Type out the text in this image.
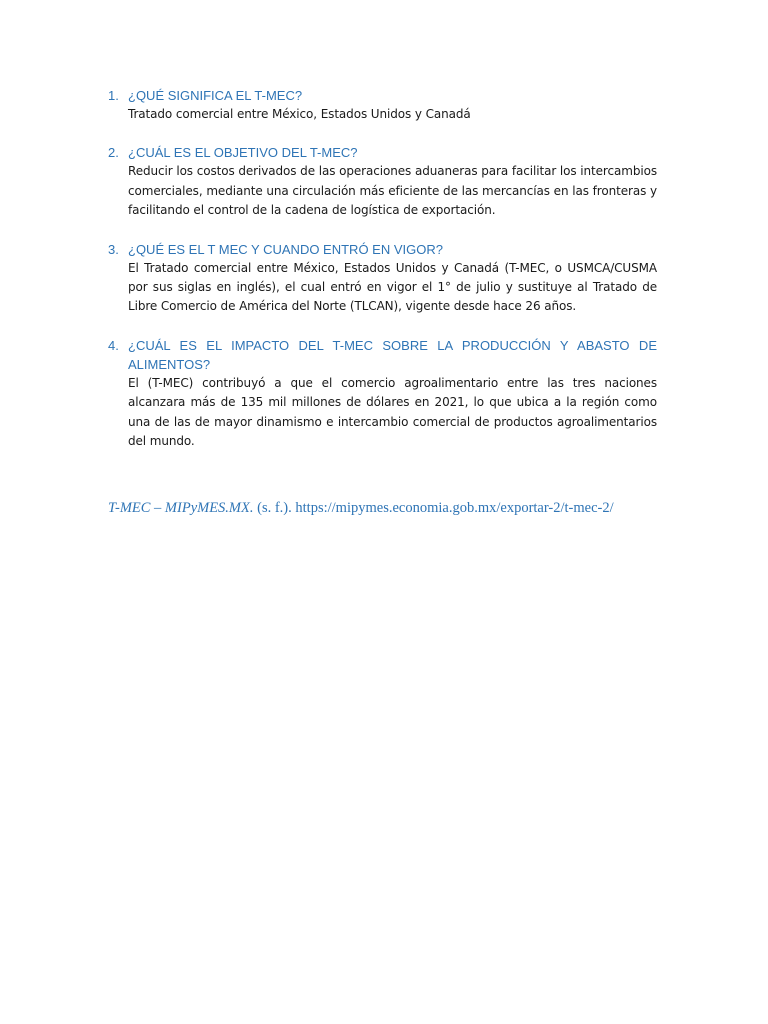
1. ¿QUÉ SIGNIFICA EL T-MEC?

Tratado comercial entre México, Estados Unidos y Canadá

2. ¿CUÁL ES EL OBJETIVO DEL T-MEC?

Reducir los costos derivados de las operaciones aduaneras para facilitar los intercambios comerciales, mediante una circulación más eficiente de las mercancías en las fronteras y facilitando el control de la cadena de logística de exportación.

3. ¿QUÉ ES EL T MEC Y CUANDO ENTRÓ EN VIGOR?

El Tratado comercial entre México, Estados Unidos y Canadá (T-MEC, o USMCA/CUSMA por sus siglas en inglés), el cual entró en vigor el 1° de julio y sustituye al Tratado de Libre Comercio de América del Norte (TLCAN), vigente desde hace 26 años.

4. ¿CUÁL ES EL IMPACTO DEL T-MEC SOBRE LA PRODUCCIÓN Y ABASTO DE ALIMENTOS?

El (T-MEC) contribuyó a que el comercio agroalimentario entre las tres naciones alcanzara más de 135 mil millones de dólares en 2021, lo que ubica a la región como una de las de mayor dinamismo e intercambio comercial de productos agroalimentarios del mundo.

T-MEC – MIPyMES.MX. (s. f.). https://mipymes.economia.gob.mx/exportar-2/t-mec-2/
